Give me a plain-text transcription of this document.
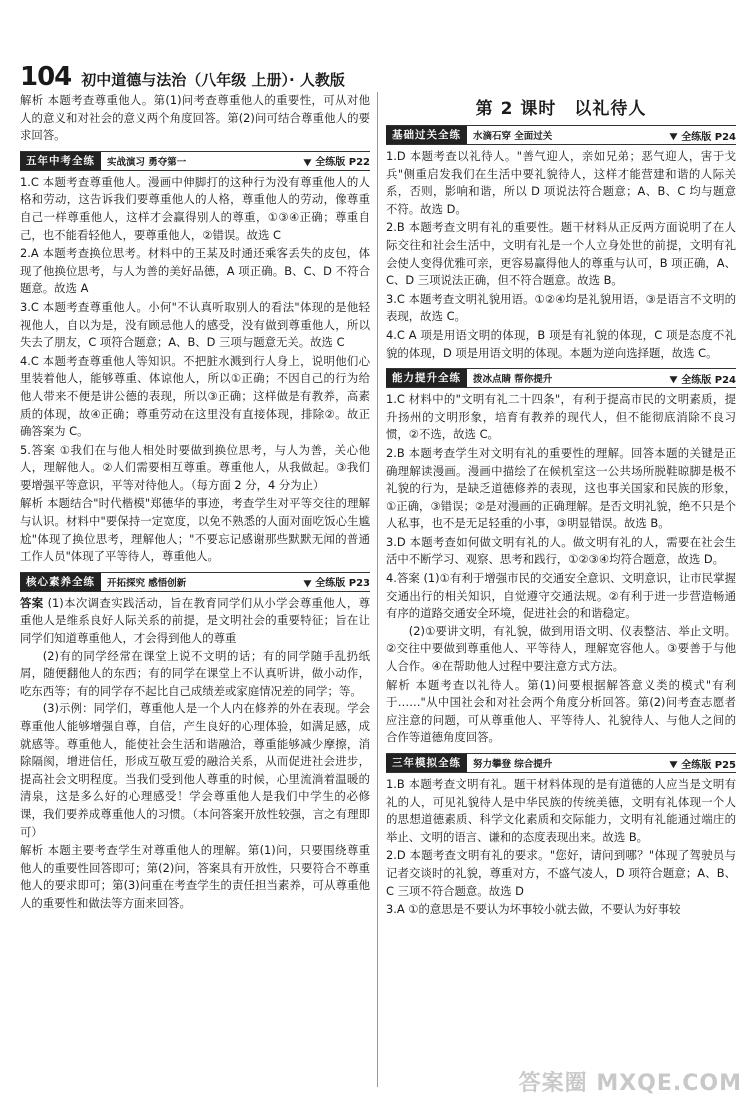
104 初中道德与法治（八年级 上册）· 人教版

解析 本题考查尊重他人。第(1)问考查尊重他人的重要性，可从对他人的意义和对社会的意义两个角度回答。第(2)问可结合尊重他人的要求回答。

五年中考全练	实战演习 勇夺第一	全练版 P22

1.C 本题考查尊重他人。漫画中伸脚打的这种行为没有尊重他人的人格和劳动，这告诉我们要尊重他人的人格，尊重他人的劳动，像尊重自己一样尊重他人，这样才会赢得别人的尊重，①③④正确；尊重自己，也不能看轻他人，要尊重他人，②错误。故选 C

2.A 本题考查换位思考。材料中的王某及时通还乘客丢失的皮包，体现了他换位思考，与人为善的美好品德，A 项正确。B、C、D 不符合题意。故选 A

3.C 本题考查尊重他人。小何"不认真听取别人的看法"体现的是他轻视他人，自以为是，没有顾忌他人的感受，没有做到尊重他人，所以失去了朋友，C 项符合题意；A、B、D 三项与题意无关。故选 C

4.C 本题考查尊重他人等知识。不把脏水溅到行人身上，说明他们心里装着他人，能够尊重、体谅他人，所以①正确；不因自己的行为给他人带来不便是讲公德的表现，所以③正确；这样做是有教养，高素质的体现，故④正确；尊重劳动在这里没有直接体现，排除②。故正确答案为 C。

5.答案 ①我们在与他人相处时要做到换位思考，与人为善，关心他人，理解他人。②人们需要相互尊重。尊重他人，从我做起。③我们要增强平等意识，平等对待他人。（每方面 2 分，4 分为止）

解析 本题结合"时代楷模"郑德华的事迹，考查学生对平等交往的理解与认识。材料中"要保持一定宽度，以免不熟悉的人面对面吃饭心生尴尬"体现了换位思考，理解他人；"不要忘记感谢那些默默无闻的普通工作人员"体现了平等待人，尊重他人。

核心素养全练	开拓探究 感悟创新	全练版 P23

答案 (1)本次调查实践活动，旨在教育同学们从小学会尊重他人，尊重他人是维系良好人际关系的前提，是文明社会的重要特征；旨在让同学们知道尊重他人，才会得到他人的尊重

(2)有的同学经常在课堂上说不文明的话；有的同学随手乱扔纸屑，随便翻他人的东西；有的同学在课堂上不认真听讲，做小动作，吃东西等；有的同学存不起比自己成绩差或家庭情况差的同学；等。

(3)示例：同学们，尊重他人是一个人内在修养的外在表现。学会尊重他人能够增强自尊，自信，产生良好的心理体验，如满足感，成就感等。尊重他人，能使社会生活和谐融洽，尊重能够减少摩擦，消除隔阂，增进信任，形成互敬互爱的融洽关系，从而促进社会进步，提高社会文明程度。当我们受到他人尊重的时候，心里流淌着温暖的清泉，这是多么好的心理感受！学会尊重他人是我们中学生的必修课，我们要养成尊重他人的习惯。（本问答案开放性较强，言之有理即可）

解析 本题主要考查学生对尊重他人的理解。第(1)问，只要围绕尊重他人的重要性回答即可；第(2)问，答案具有开放性，只要符合不尊重他人的要求即可；第(3)问重在考查学生的责任担当素养，可从尊重他人的重要性和做法等方面来回答。

第 2 课时　以礼待人
基础过关全练	水滴石穿 全面过关	全练版 P24

1.D 本题考查以礼待人。"善气迎人，亲如兄弟；恶气迎人，害于戈兵"侧重启发我们在生活中要礼貌待人，这样才能营建和谐的人际关系，否则，影响和谐，所以 D 项说法符合题意；A、B、C 均与题意不符。故选 D。

2.B 本题考查文明有礼的重要性。题干材料从正反两方面说明了在人际交往和社会生活中，文明有礼是一个人立身处世的前提，文明有礼会使人变得优雅可亲，更容易赢得他人的尊重与认可，B 项正确，A、C、D 三项说法正确，但不符合题意。故选 B。

3.C 本题考查文明礼貌用语。①②④均是礼貌用语，③是语言不文明的表现，故选 C。

4.C A 项是用语文明的体现，B 项是有礼貌的体现，C 项是态度不礼貌的体现，D 项是用语文明的体现。本题为逆向选择题，故选 C。

能力提升全练	拨冰点睛 帮你提升	全练版 P24

1.C 材料中的"文明有礼二十四条"，有利于提高市民的文明素质，提升扬州的文明形象，培育有教养的现代人，但不能彻底消除不良习惯，②不选，故选 C。

2.B 本题考查学生对文明有礼的重要性的理解。回答本题的关键是正确理解读漫画。漫画中描绘了在候机室这一公共场所脱鞋晾脚是极不礼貌的行为，是缺乏道德修养的表现，这也事关国家和民族的形象，①正确，③错误；②是对漫画的正确理解。是否文明礼貌，绝不只是个人私事，也不是无足轻重的小事，③明显错误。故选 B。

3.D 本题考查如何做文明有礼的人。做文明有礼的人，需要在社会生活中不断学习、观察、思考和践行，①②③④均符合题意，故选 D。

4.答案 (1)①有利于增强市民的交通安全意识、文明意识，让市民掌握交通出行的相关知识，自觉遵守交通法规。②有利于进一步营造畅通有序的道路交通安全环境，促进社会的和谐稳定。

(2)①要讲文明，有礼貌，做到用语文明、仪表整洁、举止文明。②交往中要做到尊重他人、平等待人，理解宽容他人。③要善于与他人合作。④在帮助他人过程中要注意方式方法。

解析 本题考查以礼待人。第(1)问要根据解答意义类的模式"有利于……"从中国社会和对社会两个角度分析回答。第(2)问考查志愿者应注意的问题，可从尊重他人、平等待人、礼貌待人、与他人之间的合作等道德角度回答。

三年模拟全练	努力攀登 综合提升	全练版 P25

1.B 本题考查文明有礼。题干材料体现的是有道德的人应当是文明有礼的人，可见礼貌待人是中华民族的传统美德，文明有礼体现一个人的思想道德素质、科学文化素质和交际能力，文明有礼能通过端庄的举止、文明的语言、谦和的态度表现出来。故选 B。

2.D 本题考查文明有礼的要求。"您好，请问到哪？"体现了驾驶员与记者交谈时的礼貌，尊重对方，不盛气凌人，D 项符合题意；A、B、C 三项不符合题意。故选 D

3.A ①的意思是不要认为坏事较小就去做，不要认为好事较

答案圈 MXQE.COM
